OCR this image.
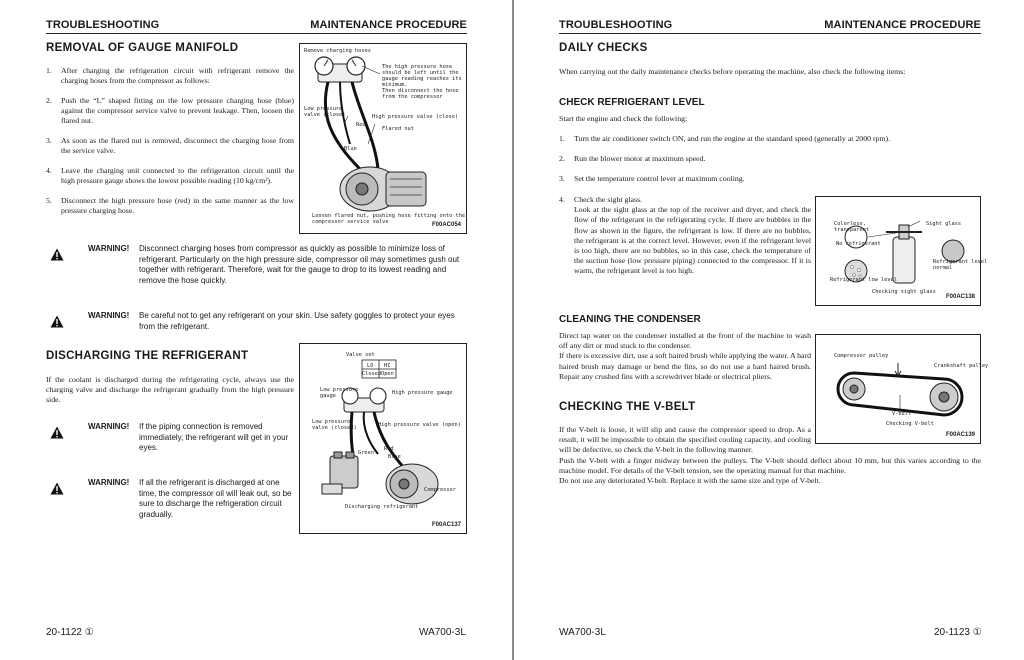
TROUBLESHOOTING	MAINTENANCE PROCEDURE
REMOVAL OF GAUGE MANIFOLD
1. After charging the refrigeration circuit with refrigerant remove the charging hoses from the compressor as follows:
2. Push the “L” shaped fitting on the low pressure charging hose (blue) against the compressor service valve to prevent leakage. Then, loosen the flared nut.
3. As soon as the flared nut is removed, disconnect the charging hose from the service valve.
4. Leave the charging unit connected to the refrigeration circuit until the high pressure gauge shows the lowest possible reading (10 kg/cm²).
5. Disconnect the high pressure hose (red) in the same manner as the low pressure charging hose.
Remove charging hoses
The high pressure hose
should be left until the
gauge reading reaches its
minimum.
Then disconnect the hose
from the compressor
Low pressure
valve (close)	High pressure valve (close)
Red
Flared nut
Blue
Loosen flared nut, pushing hose fitting onto the
compressor service valve	F00AC054
WARNING!	Disconnect charging hoses from compressor as quickly as possible to minimize loss of refrigerant. Particularly on the high pressure side, compressor oil may sometimes gush out together with refrigerant. Therefore, wait for the gauge to drop to its lowest reading and remove the hose quickly.
WARNING!	Be careful not to get any refrigerant on your skin. Use safety goggles to protect your eyes from the refrigerant.
DISCHARGING THE REFRIGERANT
If the coolant is discharged during the refrigerating cycle, always use the charging valve and discharge the refrigerant gradually from the high pressure side.
WARNING!	If the piping connection is removed immediately, the refrigerant will get in your eyes.
WARNING!	If all the refrigerant is discharged at one time, the compressor oil will leak out, so be sure to discharge the refrigeration circuit gradually.
Valve set
LO HI
Closed Open
Low pressure
gauge	High pressure gauge
Low pressure
valve (closed)	High pressure valve (open)
Green
Red
Blue
Compressor
Discharging refrigerant
F00AC137
20-1122 ①	WA700-3L
TROUBLESHOOTING	MAINTENANCE PROCEDURE
DAILY CHECKS
When carrying out the daily maintenance checks before operating the machine, also check the following items:
CHECK REFRIGERANT LEVEL
Start the engine and check the following:
1. Turn the air conditioner switch ON, and run the engine at the standard speed (generally at 2000 rpm).
2. Run the blower motor at maximum speed.
3. Set the temperature control lever at maximum cooling.
4. Check the sight glass.
Look at the sight glass at the top of the receiver and dryer, and check the flow of the refrigerant in the refrigerating cycle. If there are bubbles in the flow as shown in the figure, the refrigerant is low. If there are no bubbles, the refrigerant is at the correct level. However, even if the refrigerant level is too high, there are no bubbles, so in this case, check the temperature of the suction hose (low pressure piping) connected to the compressor. If it is warm, the refrigerant level is too high.
Colorless,
transparent
No refrigerant
Sight glass
Refrigerant level
normal
Refrigerant low level
Checking sight glass
F00AC138
CLEANING THE CONDENSER
Direct tap water on the condenser installed at the front of the machine to wash off any dirt or mud stuck to the condenser.
If there is excessive dirt, use a soft haired brush while applying the water. A hard haired brush may damage or bend the fins, so do not use a hard haired brush. Repair any crushed fins with a screwdriver blade or electrical pliers.
Compressor pulley
Crankshaft pulley
V-belt
Checking V-belt
F00AC139
CHECKING THE V-BELT
If the V-belt is loose, it will slip and cause the compressor speed to drop. As a result, it will be impossible to obtain the specified cooling capacity, and cooling will be defective, so check the V-belt in the following manner.
Push the V-belt with a finger midway between the pulleys. The V-belt should deflect about 10 mm, but this varies according to the machine model. For details of the V-belt tension, see the operating manual for that machine.
Do not use any deteriorated V-belt. Replace it with the same size and type of V-belt.
WA700-3L	20-1123 ①
